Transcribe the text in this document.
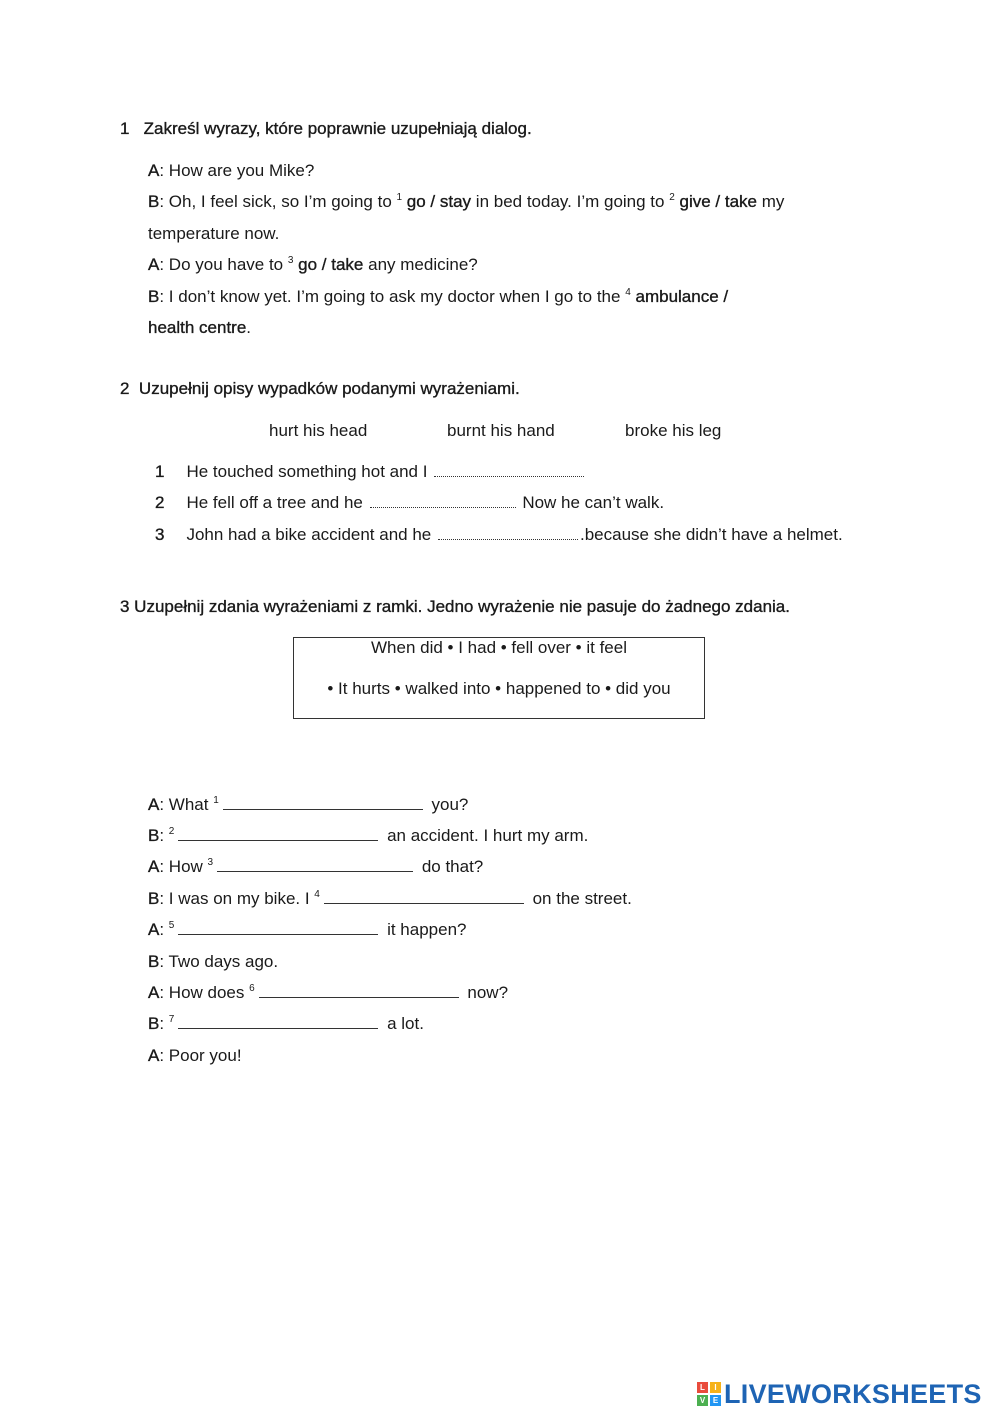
1 Zakreśl wyrazy, które poprawnie uzupełniają dialog.
A: How are you Mike?
B: Oh, I feel sick, so I’m going to $^1$ go / stay in bed today. I’m going to $^2$ give / take my
temperature now.
A: Do you have to $^3$ go / take any medicine?
B: I don’t know yet. I’m going to ask my doctor when I go to the $^4$ ambulance /
health centre.
2 Uzupełnij opisy wypadków podanymi wyrażeniami.
hurt his head	burnt his hand	broke his leg
1 He touched something hot and I
2 He fell off a tree and he	Now he can’t walk.
3 John had a bike accident and he	.because she didn’t have a helmet.
3 Uzupełnij zdania wyrażeniami z ramki. Jedno wyrażenie nie pasuje do żadnego zdania.
When did • I had • fell over • it feel
• It hurts • walked into • happened to • did you
A: What $^1$	you?
B: $^2$	an accident. I hurt my arm.
A: How $^3$	do that?
B: I was on my bike. I $^4$	on the street.
A: $^5$	it happen?
B: Two days ago.
A: How does $^6$	now?
B: $^7$	a lot.
A: Poor you!
L	I
V E LIVEWORKSHEETS
